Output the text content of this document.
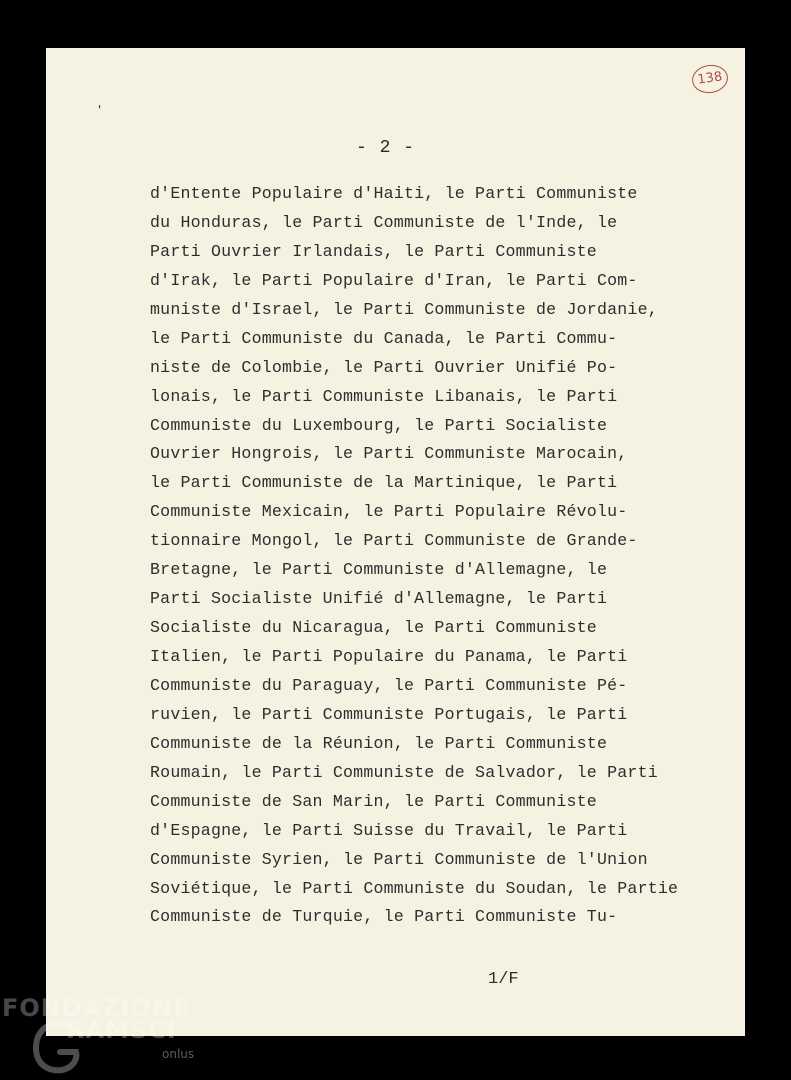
'
- 2 -
138
d'Entente Populaire d'Haiti, le Parti Communiste
du Honduras, le Parti Communiste de l'Inde, le
Parti Ouvrier Irlandais, le Parti Communiste
d'Irak, le Parti Populaire d'Iran, le Parti Com-
muniste d'Israel, le Parti Communiste de Jordanie,
le Parti Communiste du Canada, le Parti Commu-
niste de Colombie, le Parti Ouvrier Unifié Po-
lonais, le Parti Communiste Libanais, le Parti
Communiste du Luxembourg, le Parti Socialiste
Ouvrier Hongrois, le Parti Communiste Marocain,
le Parti Communiste de la Martinique, le Parti
Communiste Mexicain, le Parti Populaire Révolu-
tionnaire Mongol, le Parti Communiste de Grande-
Bretagne, le Parti Communiste d'Allemagne, le
Parti Socialiste Unifié d'Allemagne, le Parti
Socialiste du Nicaragua, le Parti Communiste
Italien, le Parti Populaire du Panama, le Parti
Communiste du Paraguay, le Parti Communiste Pé-
ruvien, le Parti Communiste Portugais, le Parti
Communiste de la Réunion, le Parti Communiste
Roumain, le Parti Communiste de Salvador, le Parti
Communiste de San Marin, le Parti Communiste
d'Espagne, le Parti Suisse du Travail, le Parti
Communiste Syrien, le Parti Communiste de l'Union
Soviétique, le Parti Communiste du Soudan, le Partie
Communiste de Turquie, le Parti Communiste Tu-
1/F
FONDAZIONE
RAMSCI
onlus
